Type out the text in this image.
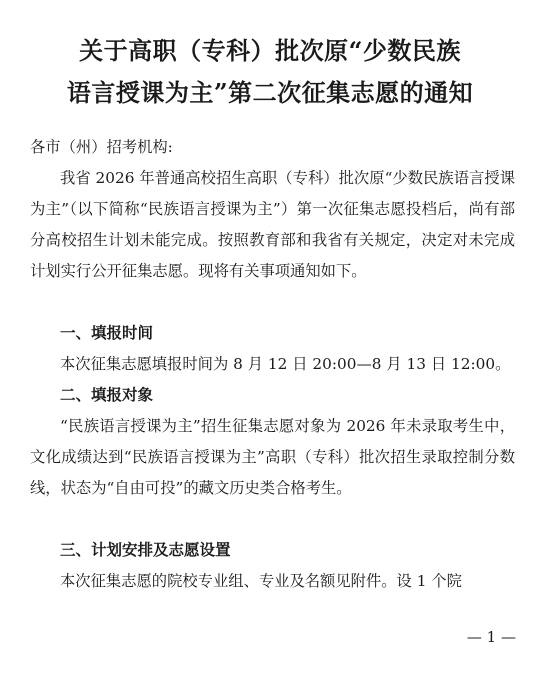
关于高职（专科）批次原“少数民族
语言授课为主”第二次征集志愿的通知
各市（州）招考机构:

我省 2026 年普通高校招生高职（专科）批次原“少数民族语言授课为主”（以下简称“民族语言授课为主”）第一次征集志愿投档后，尚有部分高校招生计划未能完成。按照教育部和我省有关规定，决定对未完成计划实行公开征集志愿。现将有关事项通知如下。

一、填报时间
本次征集志愿填报时间为 8 月 12 日 20:00—8 月 13 日 12:00。
二、填报对象

“民族语言授课为主”招生征集志愿对象为 2026 年未录取考生中，文化成绩达到“民族语言授课为主”高职（专科）批次招生录取控制分数线，状态为“自由可投”的藏文历史类合格考生。

三、计划安排及志愿设置
本次征集志愿的院校专业组、专业及名额见附件。设 1 个院
— 1 —
